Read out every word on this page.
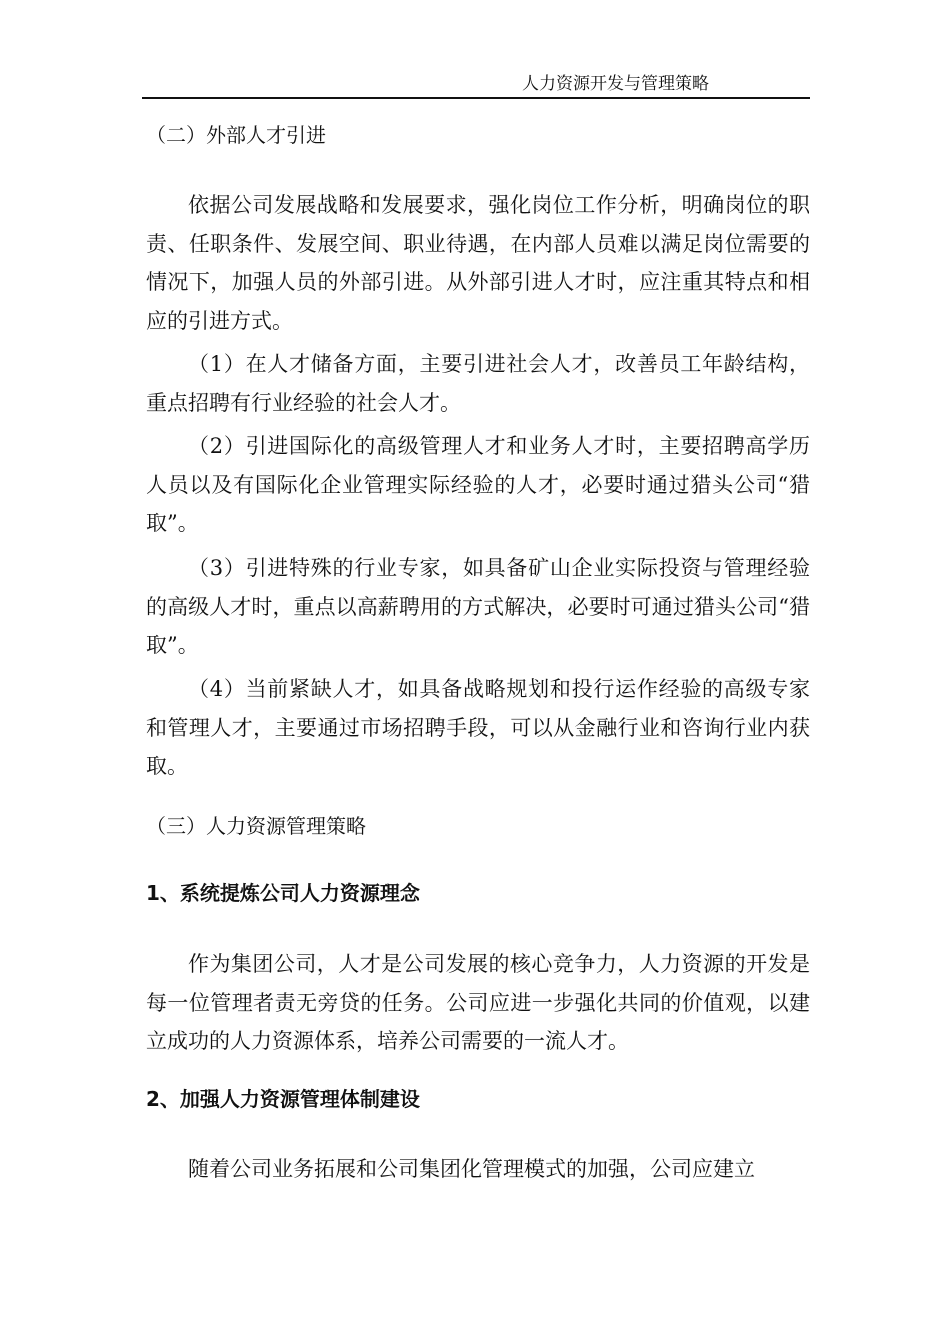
人力资源开发与管理策略
（二）外部人才引进

依据公司发展战略和发展要求，强化岗位工作分析，明确岗位的职责、任职条件、发展空间、职业待遇，在内部人员难以满足岗位需要的情况下，加强人员的外部引进。从外部引进人才时，应注重其特点和相应的引进方式。

（1）在人才储备方面，主要引进社会人才，改善员工年龄结构，重点招聘有行业经验的社会人才。

（2）引进国际化的高级管理人才和业务人才时，主要招聘高学历人员以及有国际化企业管理实际经验的人才，必要时通过猎头公司“猎取”。

（3）引进特殊的行业专家，如具备矿山企业实际投资与管理经验的高级人才时，重点以高薪聘用的方式解决，必要时可通过猎头公司“猎取”。

（4）当前紧缺人才，如具备战略规划和投行运作经验的高级专家和管理人才，主要通过市场招聘手段，可以从金融行业和咨询行业内获取。

（三）人力资源管理策略
1、系统提炼公司人力资源理念

作为集团公司，人才是公司发展的核心竞争力，人力资源的开发是每一位管理者责无旁贷的任务。公司应进一步强化共同的价值观，以建立成功的人力资源体系，培养公司需要的一流人才。

2、加强人力资源管理体制建设

随着公司业务拓展和公司集团化管理模式的加强，公司应建立
